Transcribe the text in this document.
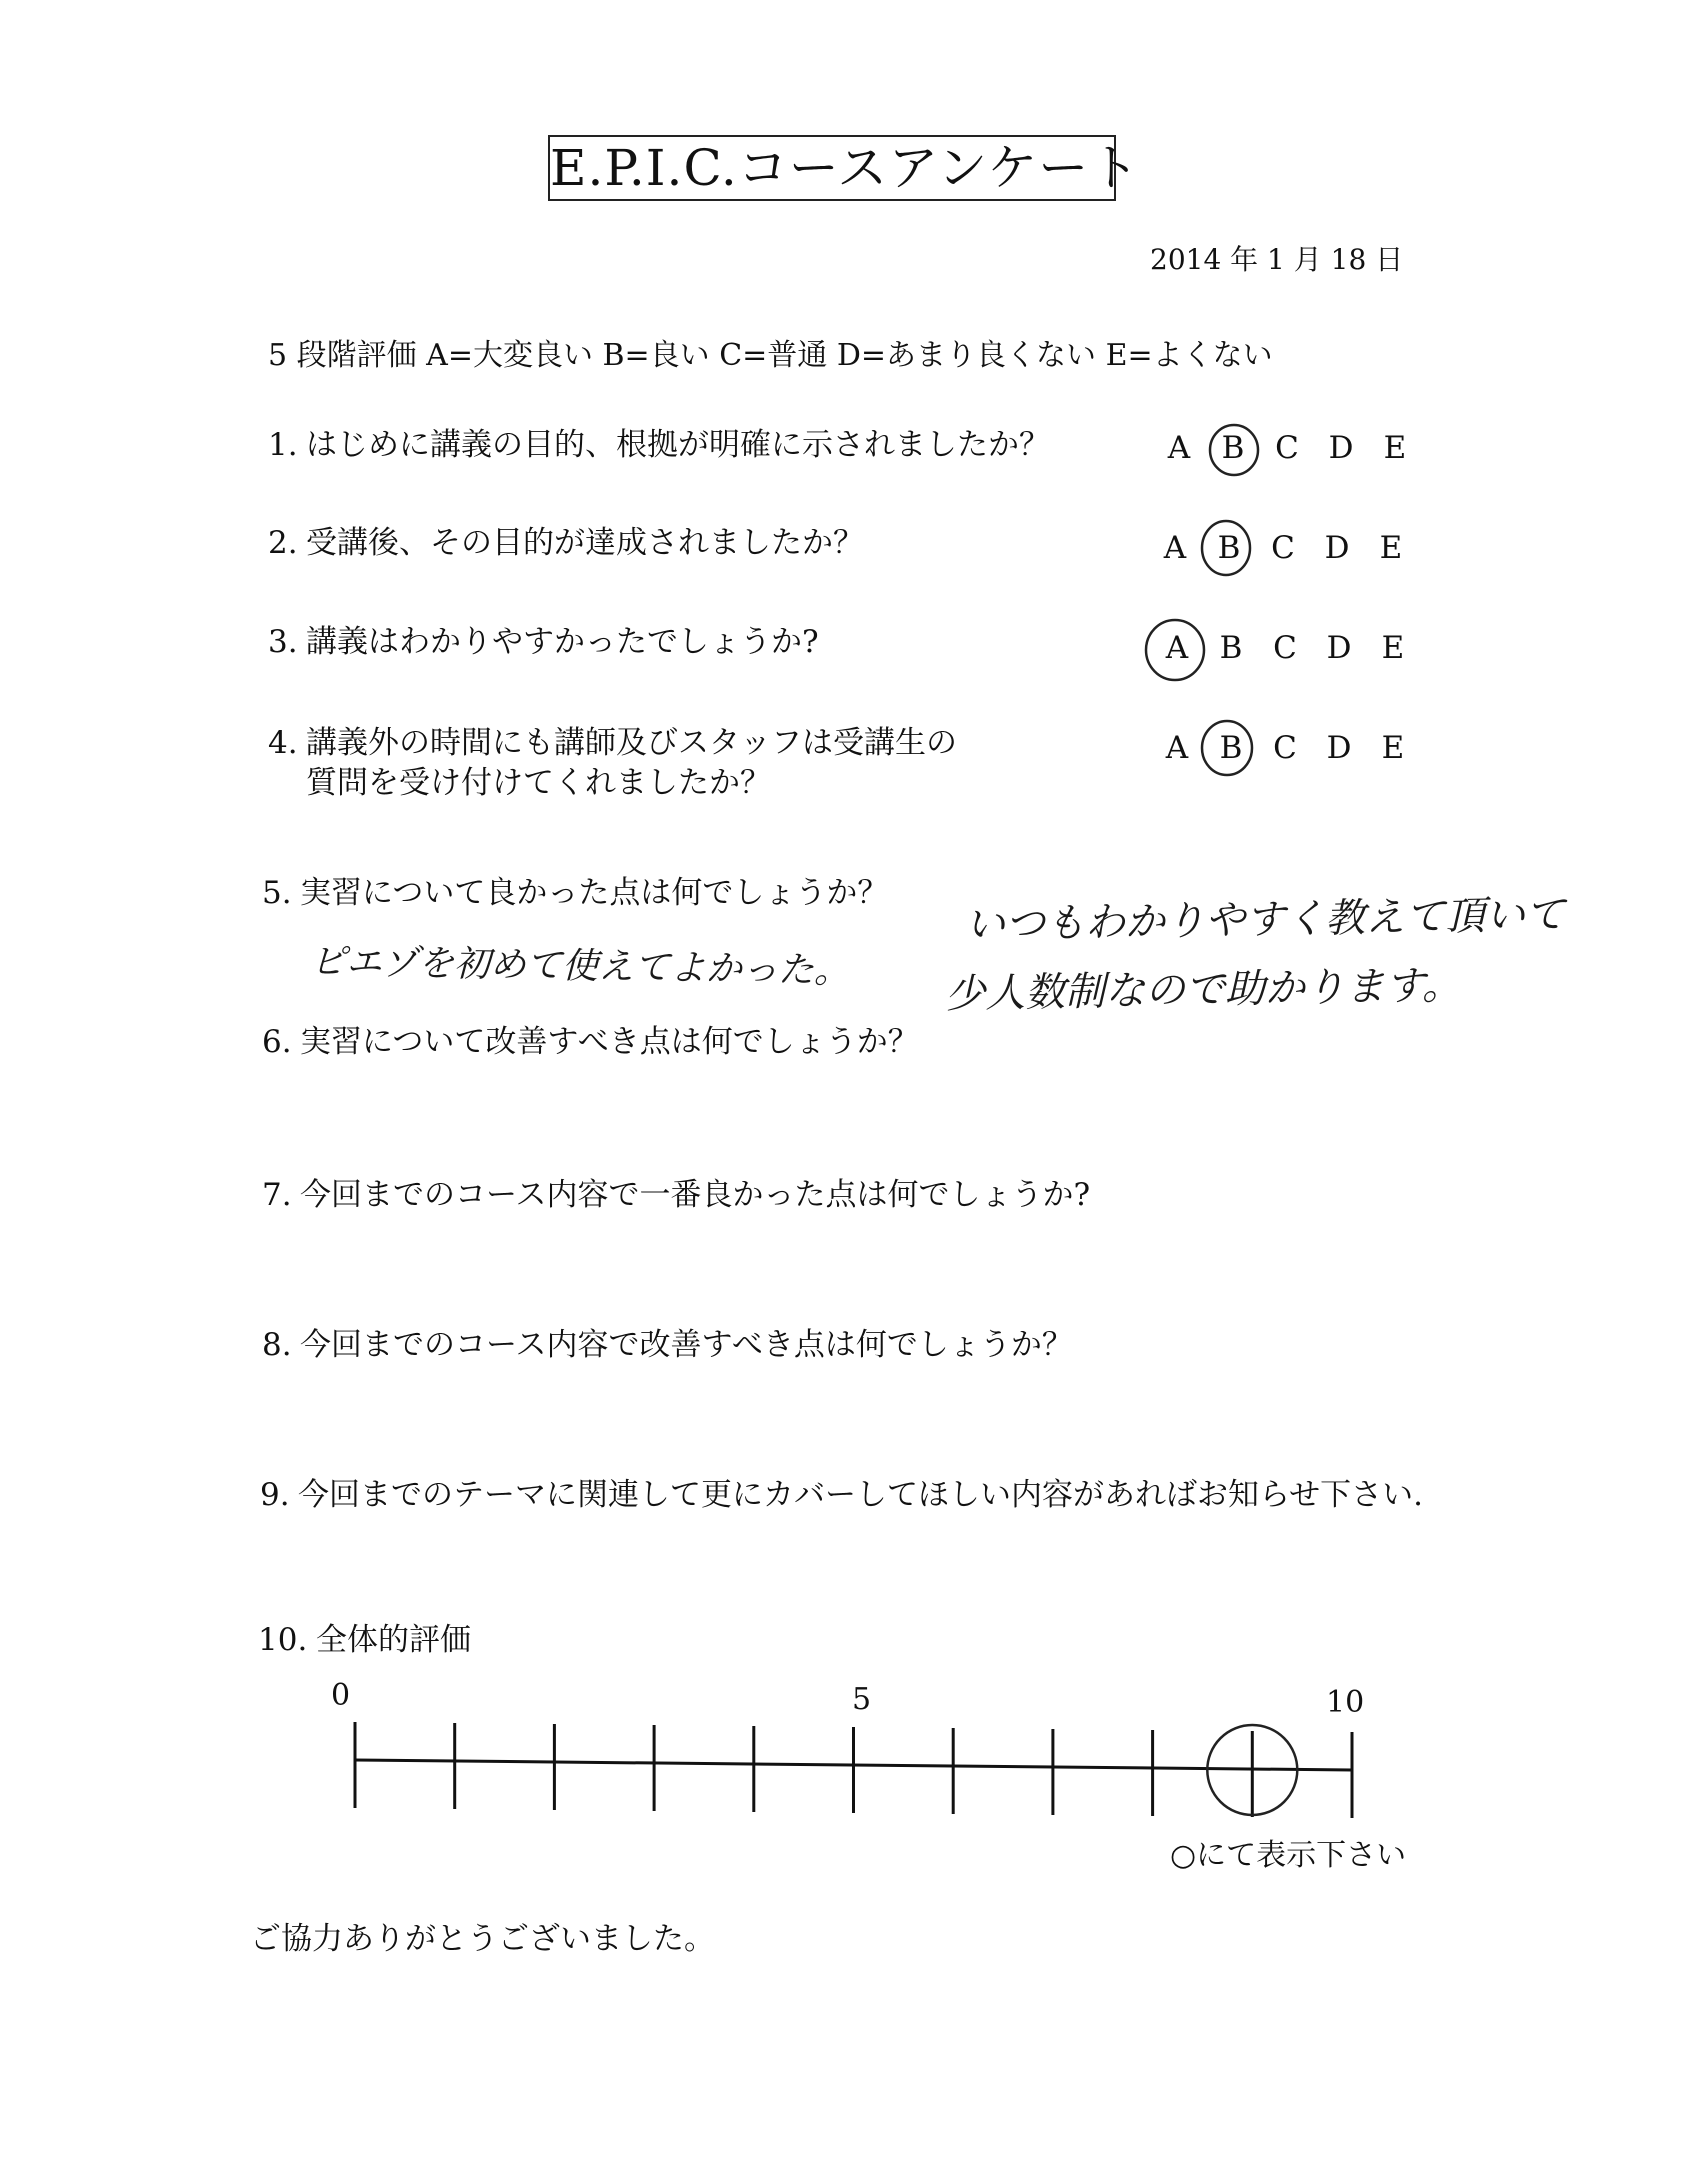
E.P.I.C.コースアンケート
2014 年 1 月 18 日
5 段階評価 A=大変良い B=良い C=普通 D=あまり良くない E=よくない
1. はじめに講義の目的、根拠が明確に示されましたか？	A B C D E
2. 受講後、その目的が達成されましたか？	A B C D E
3. 講義はわかりやすかったでしょうか?	A B C D E
4. 講義外の時間にも講師及びスタッフは受講生の
質問を受け付けてくれましたか？
A B C D E
5. 実習について良かった点は何でしょうか？
ピエゾを初めて使えてよかった。
いつもわかりやすく教えて頂いて
少人数制なので助かります。
6. 実習について改善すべき点は何でしょうか？
7. 今回までのコース内容で一番良かった点は何でしょうか?
8. 今回までのコース内容で改善すべき点は何でしょうか？
9. 今回までのテーマに関連して更にカバーしてほしい内容があればお知らせ下さい.
10. 全体的評価
0	5	10
○にて表示下さい
ご協力ありがとうございました。
